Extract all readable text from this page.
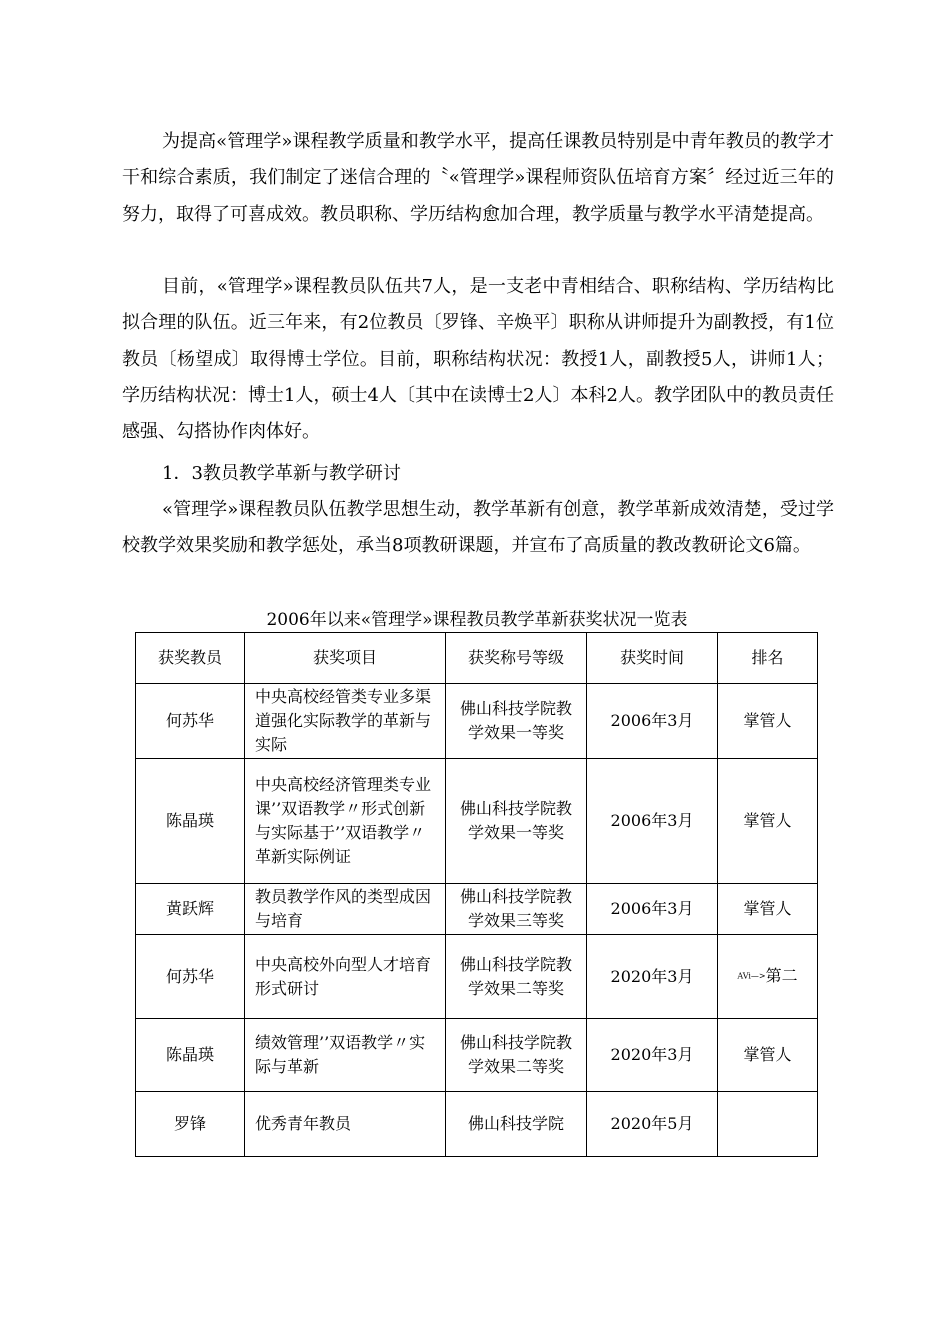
为提高«管理学»课程教学质量和教学水平，提高任课教员特别是中青年教员的教学才干和综合素质，我们制定了迷信合理的〝«管理学»课程师资队伍培育方案〞经过近三年的努力，取得了可喜成效。教员职称、学历结构愈加合理，教学质量与教学水平清楚提高。

目前，«管理学»课程教员队伍共7人，是一支老中青相结合、职称结构、学历结构比拟合理的队伍。近三年来，有2位教员〔罗锋、辛焕平〕职称从讲师提升为副教授，有1位教员〔杨望成〕取得博士学位。目前，职称结构状况：教授1人，副教授5人，讲师1人；学历结构状况：博士1人，硕士4人〔其中在读博士2人〕本科2人。教学团队中的教员责任感强、勾搭协作肉体好。

1．3教员教学革新与教学研讨

«管理学»课程教员队伍教学思想生动，教学革新有创意，教学革新成效清楚，受过学校教学效果奖励和教学惩处，承当8项教研课题，并宣布了高质量的教改教研论文6篇。

2006年以来«管理学»课程教员教学革新获奖状况一览表
获奖教员	获奖项目	获奖称号等级	获奖时间	排名
何苏华	中央高校经管类专业多渠道强化实际教学的革新与实际	佛山科技学院教学效果一等奖	2006年3月	掌管人
陈晶瑛	中央高校经济管理类专业课’’双语教学〃形式创新与实际基于’’双语教学〃革新实际例证	佛山科技学院教学效果一等奖	2006年3月	掌管人
黄跃辉	教员教学作风的类型成因与培育	佛山科技学院教学效果三等奖	2006年3月	掌管人
何苏华	中央高校外向型人才培育形式研讨	佛山科技学院教学效果二等奖	2020年3月	AVi—>第二
陈晶瑛	绩效管理’’双语教学〃实际与革新	佛山科技学院教学效果二等奖	2020年3月	掌管人
罗锋	优秀青年教员	佛山科技学院	2020年5月	
